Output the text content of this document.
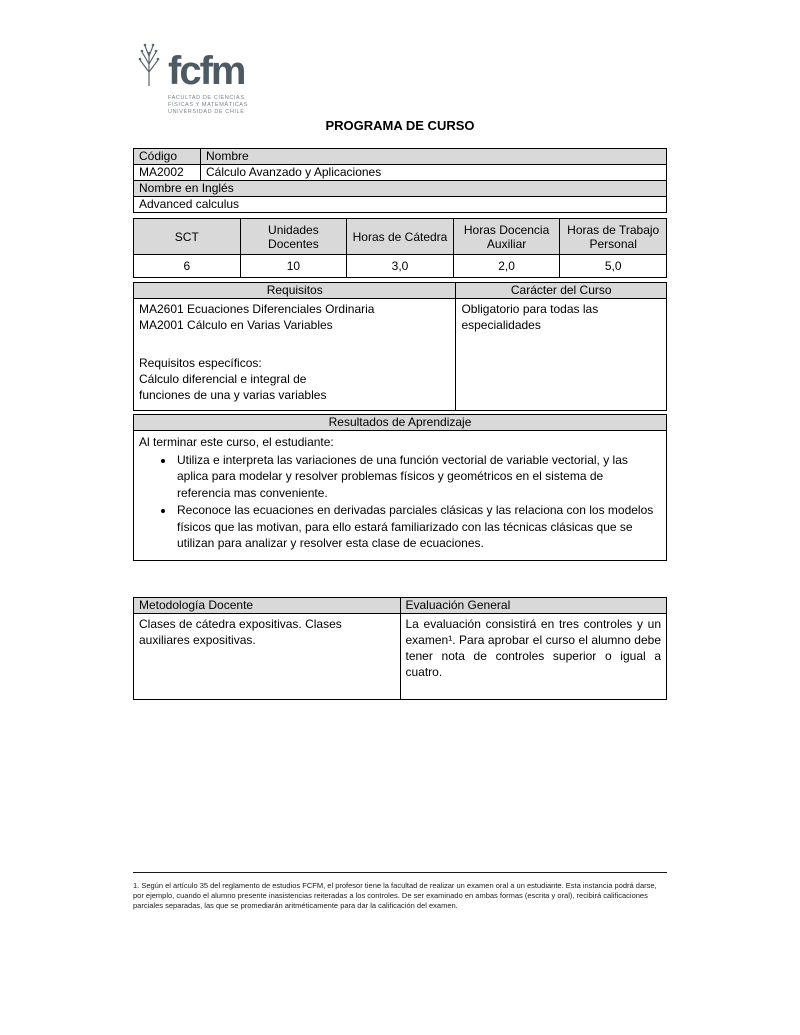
fcfm
FACULTAD DE CIENCIAS
FÍSICAS Y MATEMÁTICAS
UNIVERSIDAD DE CHILE
PROGRAMA DE CURSO
Código	Nombre
MA2002	Cálculo Avanzado y Aplicaciones
Nombre en Inglés	
Advanced calculus	
SCT	Unidades Docentes	Horas de Cátedra	Horas Docencia Auxiliar	Horas de Trabajo Personal
6	10	3,0	2,0	5,0
Requisitos	Carácter del Curso

MA2601 Ecuaciones Diferenciales Ordinaria
MA2001 Cálculo en Varias Variables
Requisitos específicos:
Cálculo diferencial e integral de
funciones de una y varias variables	Obligatorio para todas las especialidades
Resultados de Aprendizaje

Al terminar este curso, el estudiante:
• Utiliza e interpreta las variaciones de una función vectorial de variable vectorial, y las aplica para modelar y resolver problemas físicos y geométricos en el sistema de referencia mas conveniente.
• Reconoce las ecuaciones en derivadas parciales clásicas y las relaciona con los modelos físicos que las motivan, para ello estará familiarizado con las técnicas clásicas que se utilizan para analizar y resolver esta clase de ecuaciones.
Metodología Docente	Evaluación General
Clases de cátedra expositivas. Clases auxiliares expositivas.	La evaluación consistirá en tres controles y un examen¹. Para aprobar el curso el alumno debe tener nota de controles superior o igual a cuatro.
1. Según el artículo 35 del reglamento de estudios FCFM, el profesor tiene la facultad de realizar un examen oral a un estudiante. Esta instancia podrá darse, por ejemplo, cuando el alumno presente inasistencias reiteradas a los controles. De ser examinado en ambas formas (escrita y oral), recibirá calificaciones parciales separadas, las que se promediarán aritméticamente para dar la calificación del examen.
